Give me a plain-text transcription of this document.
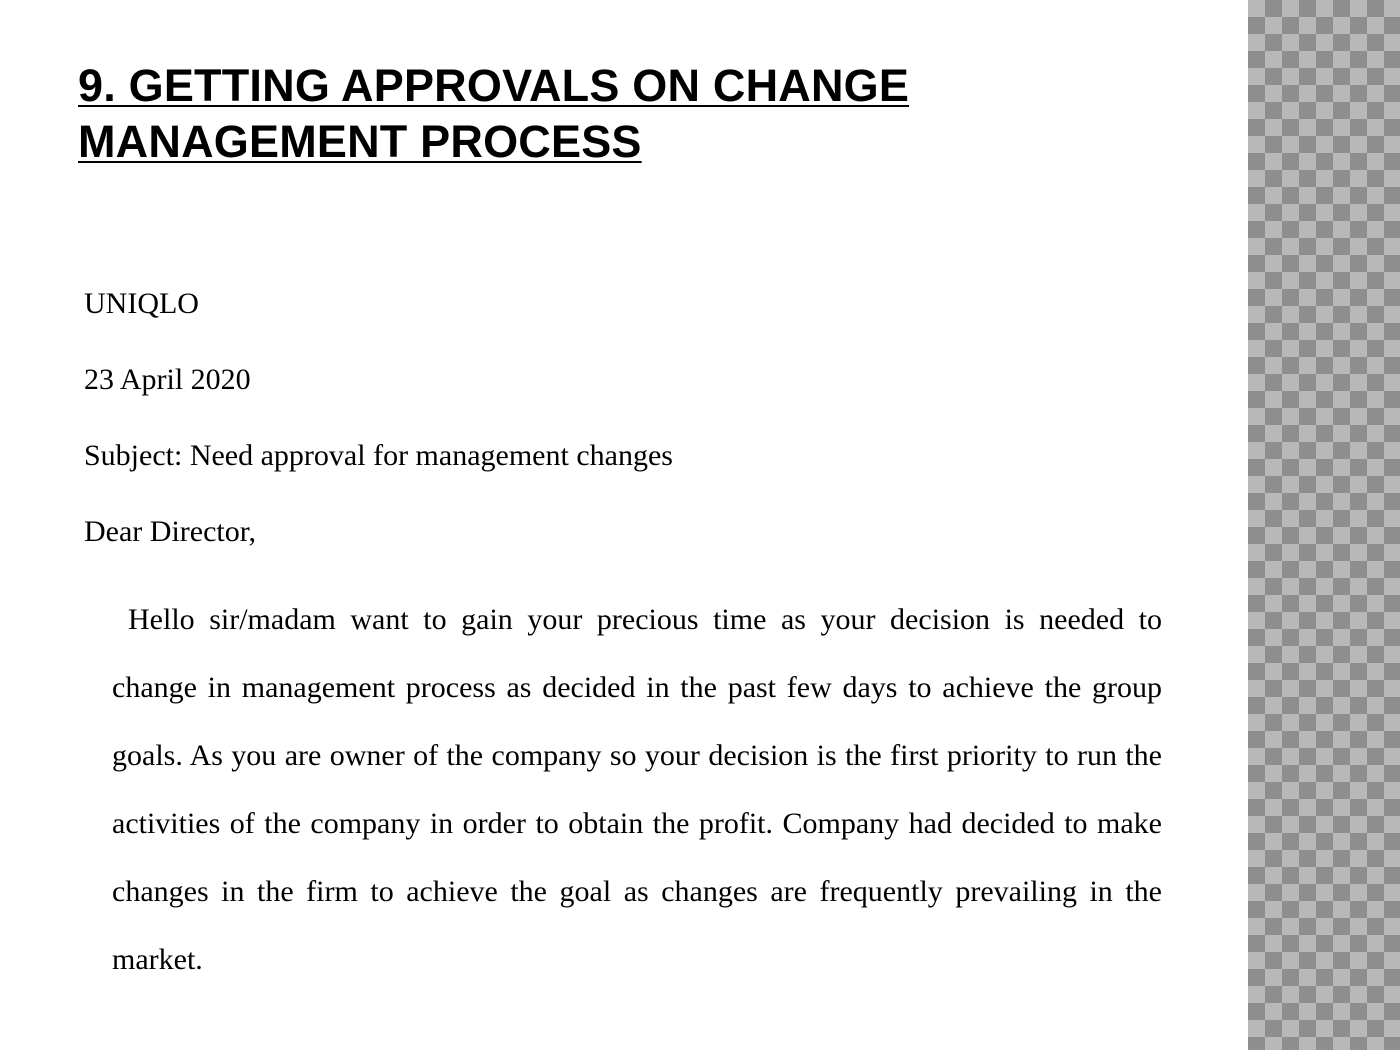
9. GETTING APPROVALS ON CHANGE MANAGEMENT PROCESS

UNIQLO

23 April 2020

Subject: Need approval for management changes

Dear Director,

Hello sir/madam want to gain your precious time as your decision is needed to change in management process as decided in the past few days to achieve the group goals. As you are owner of the company so your decision is the first priority to run the activities of the company in order to obtain the profit. Company had decided to make changes in the firm to achieve the goal as changes are frequently prevailing in the market.
